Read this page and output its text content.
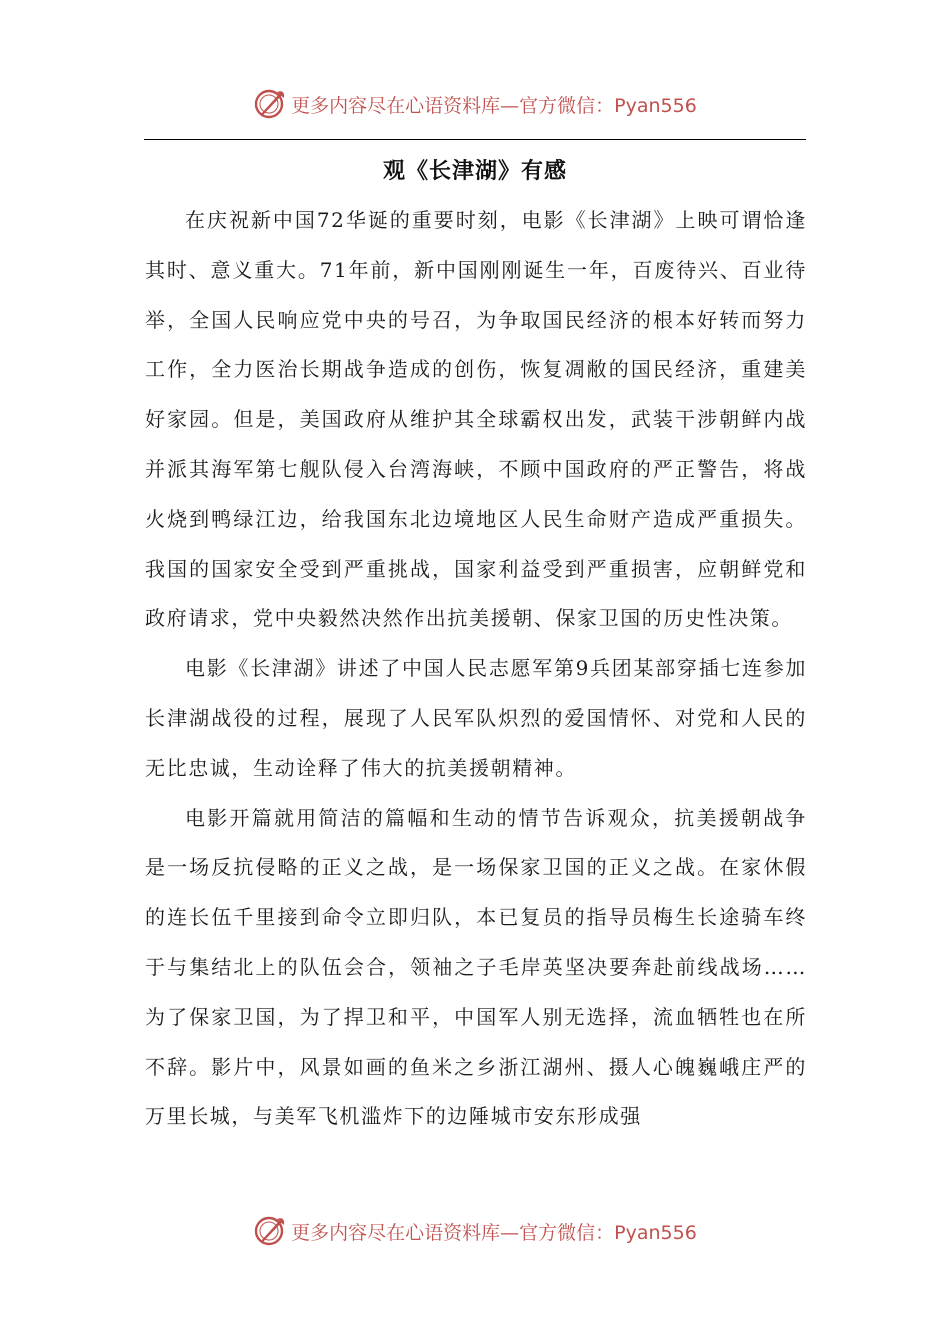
更多内容尽在心语资料库—官方微信：Pyan556
观《长津湖》有感

在庆祝新中国72华诞的重要时刻，电影《长津湖》上映可谓恰逢其时、意义重大。71年前，新中国刚刚诞生一年，百废待兴、百业待举，全国人民响应党中央的号召，为争取国民经济的根本好转而努力工作，全力医治长期战争造成的创伤，恢复凋敝的国民经济，重建美好家园。但是，美国政府从维护其全球霸权出发，武装干涉朝鲜内战并派其海军第七舰队侵入台湾海峡，不顾中国政府的严正警告，将战火烧到鸭绿江边，给我国东北边境地区人民生命财产造成严重损失。我国的国家安全受到严重挑战，国家利益受到严重损害，应朝鲜党和政府请求，党中央毅然决然作出抗美援朝、保家卫国的历史性决策。

电影《长津湖》讲述了中国人民志愿军第9兵团某部穿插七连参加长津湖战役的过程，展现了人民军队炽烈的爱国情怀、对党和人民的无比忠诚，生动诠释了伟大的抗美援朝精神。

电影开篇就用简洁的篇幅和生动的情节告诉观众，抗美援朝战争是一场反抗侵略的正义之战，是一场保家卫国的正义之战。在家休假的连长伍千里接到命令立即归队，本已复员的指导员梅生长途骑车终于与集结北上的队伍会合，领袖之子毛岸英坚决要奔赴前线战场……为了保家卫国，为了捍卫和平，中国军人别无选择，流血牺牲也在所不辞。影片中，风景如画的鱼米之乡浙江湖州、摄人心魄巍峨庄严的万里长城，与美军飞机滥炸下的边陲城市安东形成强

更多内容尽在心语资料库—官方微信：Pyan556
